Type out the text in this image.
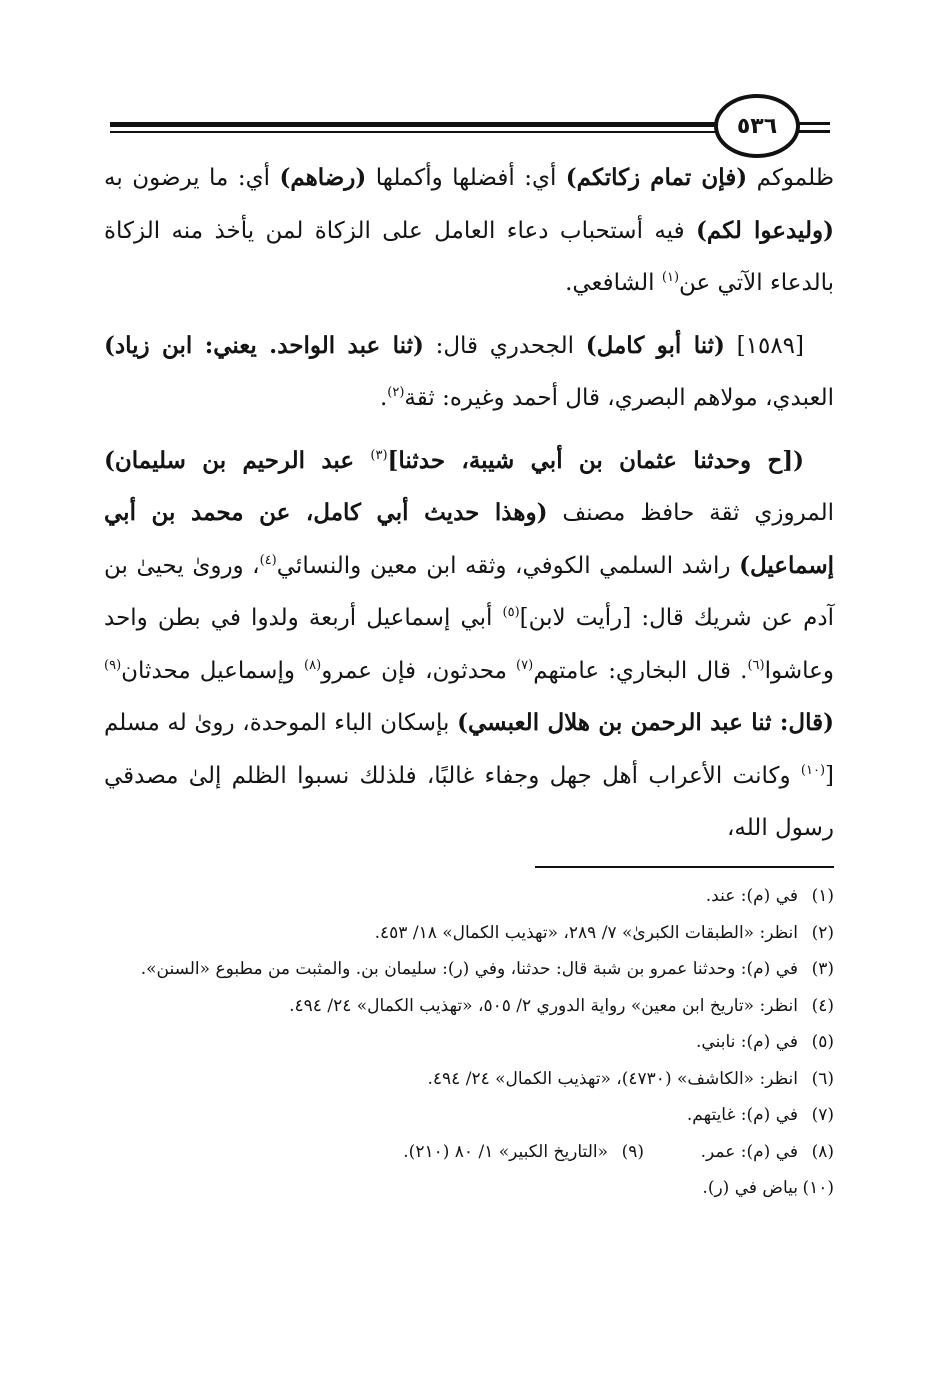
٥٣٦

ظلموكم (فإن تمام زكاتكم) أي: أفضلها وأكملها (رضاهم) أي: ما يرضون به (وليدعوا لكم) فيه أستحباب دعاء العامل على الزكاة لمن يأخذ منه الزكاة بالدعاء الآتي عن$^{(١)}$ الشافعي.

[١٥٨٩] (ثنا أبو كامل) الجحدري قال: (ثنا عبد الواحد. يعني: ابن زياد) العبدي، مولاهم البصري، قال أحمد وغيره: ثقة$^{(٢)}$.

([ح وحدثنا عثمان بن أبي شيبة، حدثنا]$^{(٣)}$ عبد الرحيم بن سليمان) المروزي ثقة حافظ مصنف (وهذا حديث أبي كامل، عن محمد بن أبي إسماعيل) راشد السلمي الكوفي، وثقه ابن معين والنسائي$^{(٤)}$، وروىٰ يحيىٰ بن آدم عن شريك قال: [رأيت لابن]$^{(٥)}$ أبي إسماعيل أربعة ولدوا في بطن واحد وعاشوا$^{(٦)}$. قال البخاري: عامتهم$^{(٧)}$ محدثون، فإن عمرو$^{(٨)}$ وإسماعيل محدثان$^{(٩)}$ (قال: ثنا عبد الرحمن بن هلال العبسي) بإسكان الباء الموحدة، روىٰ له مسلم [$^{(١٠)}$ وكانت الأعراب أهل جهل وجفاء غالبًا، فلذلك نسبوا الظلم إلىٰ مصدقي رسول الله،

(١)
في (م): عند.
(٢)
انظر: «الطبقات الكبرىٰ» ٧/ ٢٨٩، «تهذيب الكمال» ١٨/ ٤٥٣.
(٣)
في (م): وحدثنا عمرو بن شبة قال: حدثنا، وفي (ر): سليمان بن. والمثبت من مطبوع «السنن».
(٤)
انظر: «تاريخ ابن معين» رواية الدوري ٢/ ٥٠٥، «تهذيب الكمال» ٢٤/ ٤٩٤.
(٥)
في (م): نابني.
(٦)
انظر: «الكاشف» (٤٧٣٠)، «تهذيب الكمال» ٢٤/ ٤٩٤.
(٧)
في (م): غايتهم.
(٨)
في (م): عمر.
(٩)
«التاريخ الكبير» ١/ ٨٠ (٢١٠).
(١٠)
بياض في (ر).
